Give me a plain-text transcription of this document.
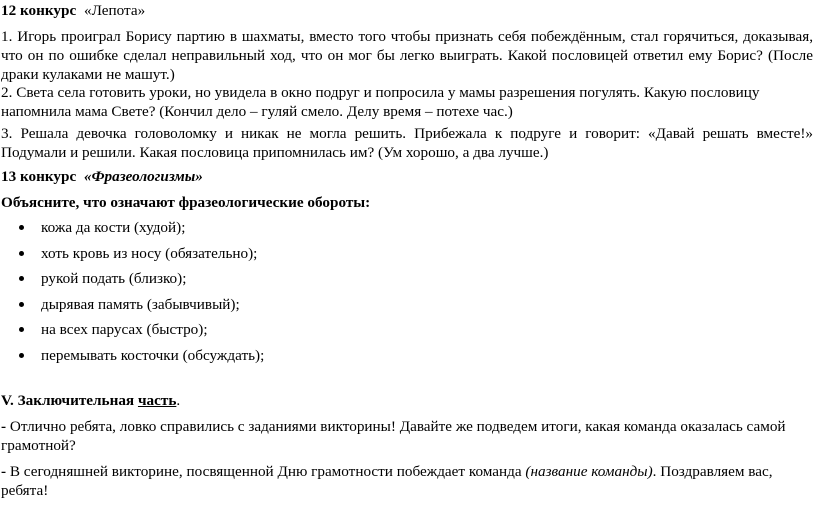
12 конкурс «Лепота»

1. Игорь проиграл Борису партию в шахматы, вместо того чтобы признать себя побеждённым, стал горячиться, доказывая, что он по ошибке сделал неправильный ход, что он мог бы легко выиграть. Какой пословицей ответил ему Борис? (После драки кулаками не машут.)

2. Света села готовить уроки, но увидела в окно подруг и попросила у мамы разрешения погулять. Какую пословицу напомнила мама Свете? (Кончил дело – гуляй смело. Делу время – потехе час.)

3. Решала девочка головоломку и никак не могла решить. Прибежала к подруге и говорит: «Давай решать вместе!» Подумали и решили. Какая пословица припомнилась им? (Ум хорошо, а два лучше.)

13 конкурс «Фразеологизмы»

Объясните, что означают фразеологические обороты:

кожа да кости (худой);
хоть кровь из носу (обязательно);
рукой подать (близко);
дырявая память (забывчивый);
на всех парусах (быстро);
перемывать косточки (обсуждать);

V. Заключительная часть.

- Отлично ребята, ловко справились с заданиями викторины! Давайте же подведем итоги, какая команда оказалась самой грамотной?

- В сегодняшней викторине, посвященной Дню грамотности побеждает команда (название команды). Поздравляем вас, ребята!
